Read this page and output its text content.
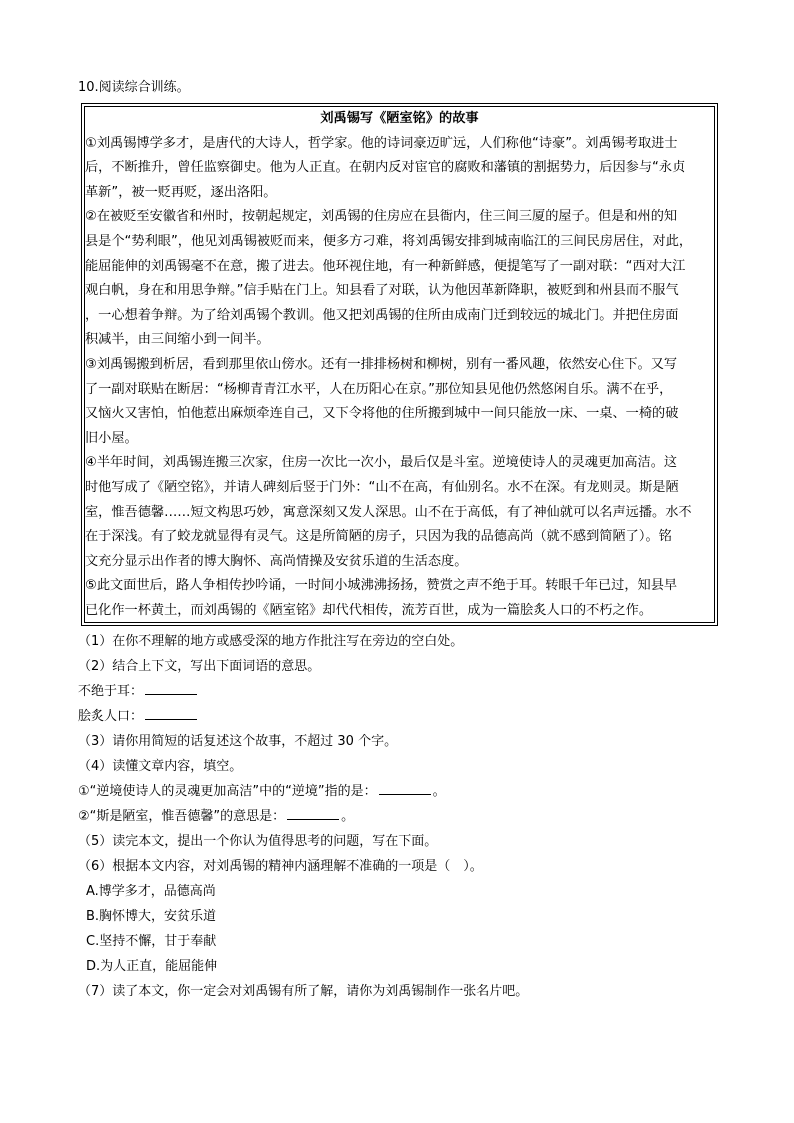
10.阅读综合训练。
刘禹锡写《陋室铭》的故事
①刘禹锡博学多才，是唐代的大诗人，哲学家。他的诗词豪迈旷远，人们称他“诗豪”。刘禹锡考取进士
后，不断推升，曾任监察御史。他为人正直。在朝内反对宦官的腐败和藩镇的割据势力，后因参与“永贞
革新”，被一贬再贬，逐出洛阳。
②在被贬至安徽省和州时，按朝起规定，刘禹锡的住房应在县衙内，住三间三厦的屋子。但是和州的知
县是个“势利眼”，他见刘禹锡被贬而来，便多方刁难，将刘禹锡安排到城南临江的三间民房居住，对此，
能屈能伸的刘禹锡毫不在意，搬了进去。他环视住地，有一种新鲜感，便提笔写了一副对联：“西对大江
观白帆，身在和用思争辩。”信手贴在门上。知县看了对联，认为他因革新降职，被贬到和州县而不服气
，一心想着争辩。为了给刘禹锡个教训。他又把刘禹锡的住所由成南门迁到较远的城北门。并把住房面
积减半，由三间缩小到一间半。
③刘禹锡搬到析居，看到那里依山傍水。还有一排排杨树和柳树，别有一番风趣，依然安心住下。又写
了一副对联贴在断居：“杨柳青青江水平，人在历阳心在京。”那位知县见他仍然悠闲自乐。满不在乎，
又恼火又害怕，怕他惹出麻烦牵连自己，又下令将他的住所搬到城中一间只能放一床、一桌、一椅的破
旧小屋。
④半年时间，刘禹锡连搬三次家，住房一次比一次小，最后仅是斗室。逆境使诗人的灵魂更加高洁。这
时他写成了《陋空铭》，并请人碑刻后竖于门外：“山不在高，有仙别名。水不在深。有龙则灵。斯是陋
室，惟吾德馨……短文构思巧妙，寓意深刻又发人深思。山不在于高低，有了神仙就可以名声远播。水不
在于深浅。有了蛟龙就显得有灵气。这是所简陋的房子，只因为我的品德高尚（就不感到简陋了）。铭
文充分显示出作者的博大胸怀、高尚情操及安贫乐道的生活态度。
⑤此文面世后，路人争相传抄吟诵，一时间小城沸沸扬扬，赞赏之声不绝于耳。转眼千年已过，知县早
已化作一杯黄土，而刘禹锡的《陋室铭》却代代相传，流芳百世，成为一篇脍炙人口的不朽之作。
（1）在你不理解的地方或感受深的地方作批注写在旁边的空白处。
（2）结合上下文，写出下面词语的意思。
不绝于耳：
脍炙人口：
（3）请你用简短的话复述这个故事，不超过 30 个字。
（4）读懂文章内容，填空。
①“逆境使诗人的灵魂更加高洁”中的“逆境”指的是：	。
②“斯是陋室，惟吾德馨”的意思是：	。
（5）读完本文，提出一个你认为值得思考的问题，写在下面。
（6）根据本文内容，对刘禹锡的精神内涵理解不准确的一项是（　）。
A.博学多才，品德高尚
B.胸怀博大，安贫乐道
C.坚持不懈，甘于奉献
D.为人正直，能屈能伸
（7）读了本文，你一定会对刘禹锡有所了解，请你为刘禹锡制作一张名片吧。
